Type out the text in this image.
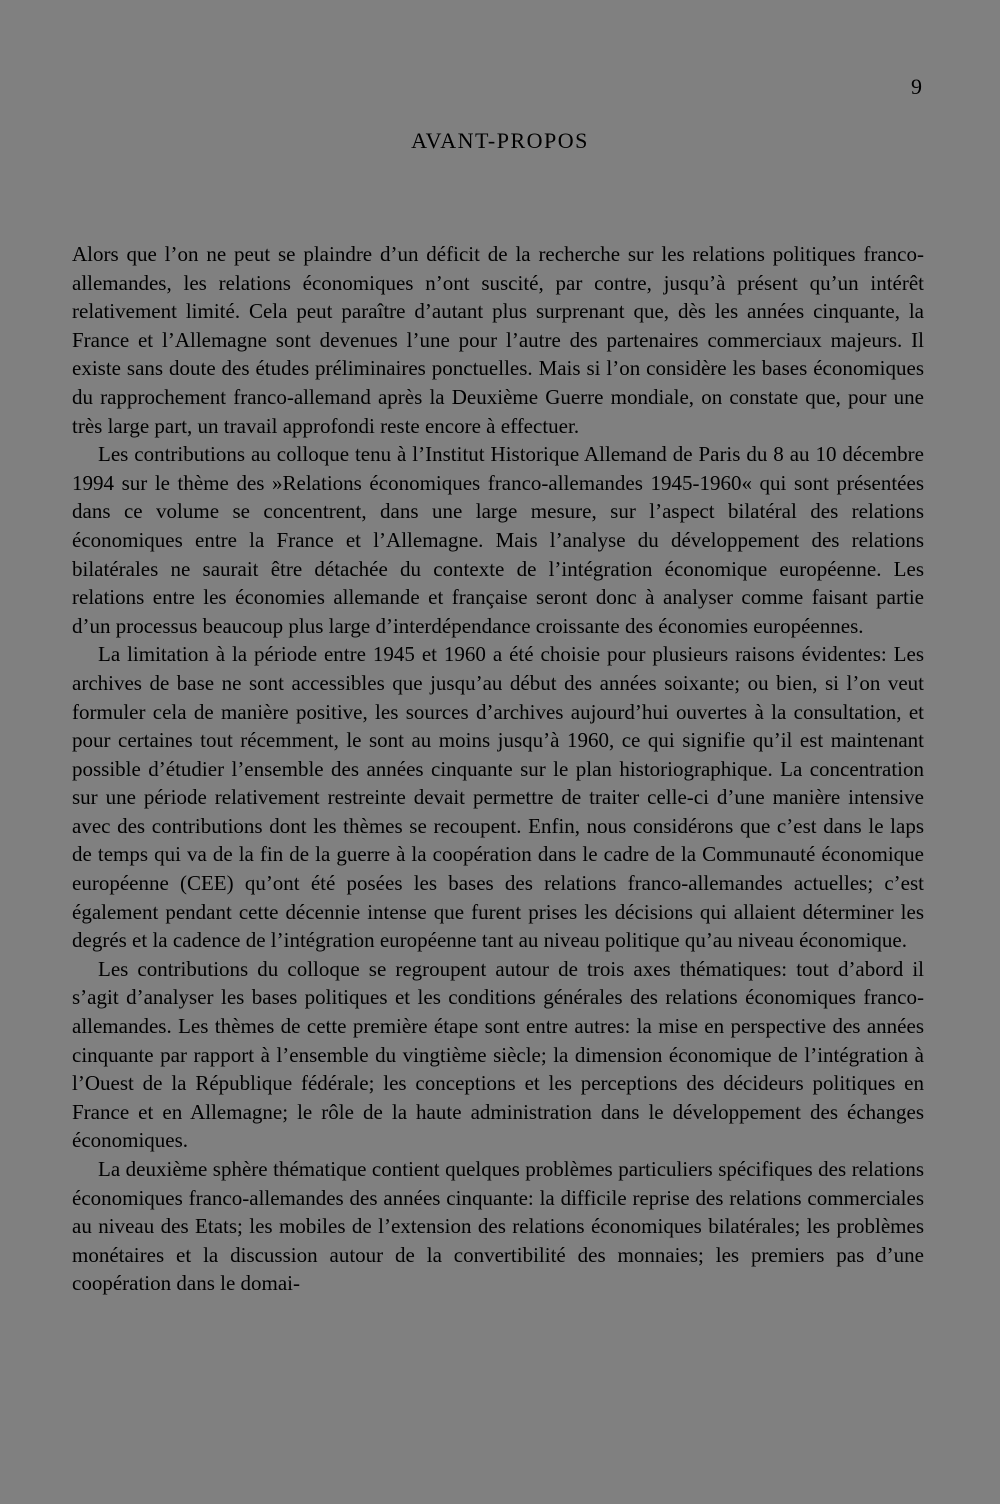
9
AVANT-PROPOS

Alors que l’on ne peut se plaindre d’un déficit de la recherche sur les relations politiques franco-allemandes, les relations économiques n’ont suscité, par contre, jusqu’à présent qu’un intérêt relativement limité. Cela peut paraître d’autant plus surprenant que, dès les années cinquante, la France et l’Allemagne sont devenues l’une pour l’autre des partenaires commerciaux majeurs. Il existe sans doute des études préliminaires ponctuelles. Mais si l’on considère les bases économiques du rapprochement franco-allemand après la Deuxième Guerre mondiale, on constate que, pour une très large part, un travail approfondi reste encore à effectuer.

Les contributions au colloque tenu à l’Institut Historique Allemand de Paris du 8 au 10 décembre 1994 sur le thème des »Relations économiques franco-allemandes 1945-1960« qui sont présentées dans ce volume se concentrent, dans une large mesure, sur l’aspect bilatéral des relations économiques entre la France et l’Allemagne. Mais l’analyse du développement des relations bilatérales ne saurait être détachée du contexte de l’intégration économique européenne. Les relations entre les économies allemande et française seront donc à analyser comme faisant partie d’un processus beaucoup plus large d’interdépendance croissante des économies européennes.

La limitation à la période entre 1945 et 1960 a été choisie pour plusieurs raisons évidentes: Les archives de base ne sont accessibles que jusqu’au début des années soixante; ou bien, si l’on veut formuler cela de manière positive, les sources d’archives aujourd’hui ouvertes à la consultation, et pour certaines tout récemment, le sont au moins jusqu’à 1960, ce qui signifie qu’il est maintenant possible d’étudier l’ensemble des années cinquante sur le plan historiographique. La concentration sur une période relativement restreinte devait permettre de traiter celle-ci d’une manière intensive avec des contributions dont les thèmes se recoupent. Enfin, nous considérons que c’est dans le laps de temps qui va de la fin de la guerre à la coopération dans le cadre de la Communauté économique européenne (CEE) qu’ont été posées les bases des relations franco-allemandes actuelles; c’est également pendant cette décennie intense que furent prises les décisions qui allaient déterminer les degrés et la cadence de l’intégration européenne tant au niveau politique qu’au niveau économique.

Les contributions du colloque se regroupent autour de trois axes thématiques: tout d’abord il s’agit d’analyser les bases politiques et les conditions générales des relations économiques franco-allemandes. Les thèmes de cette première étape sont entre autres: la mise en perspective des années cinquante par rapport à l’ensemble du vingtième siècle; la dimension économique de l’intégration à l’Ouest de la République fédérale; les conceptions et les perceptions des décideurs politiques en France et en Allemagne; le rôle de la haute administration dans le développement des échanges économiques.

La deuxième sphère thématique contient quelques problèmes particuliers spécifiques des relations économiques franco-allemandes des années cinquante: la difficile reprise des relations commerciales au niveau des Etats; les mobiles de l’extension des relations économiques bilatérales; les problèmes monétaires et la discussion autour de la convertibilité des monnaies; les premiers pas d’une coopération dans le domai-
